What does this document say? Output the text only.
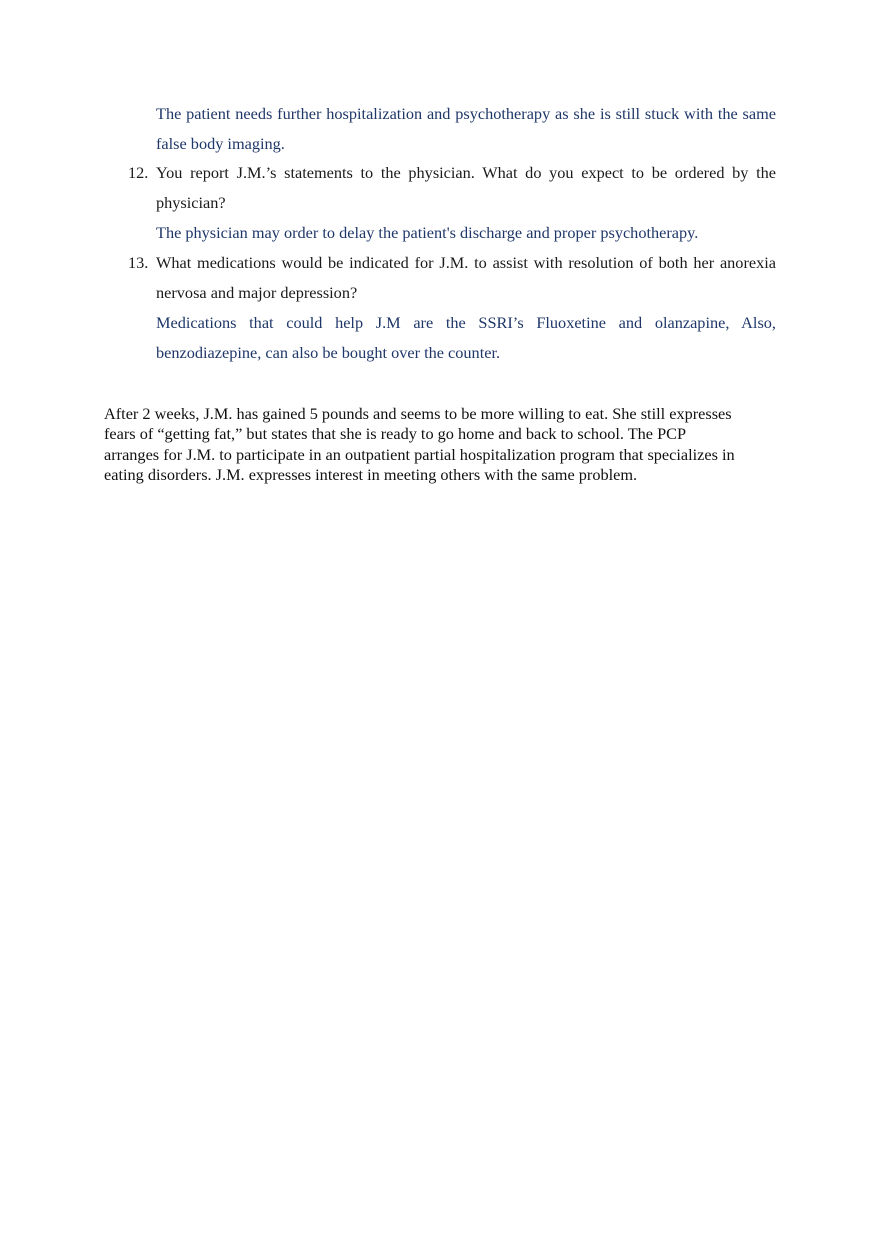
The patient needs further hospitalization and psychotherapy as she is still stuck with the same false body imaging.
12. You report J.M.’s statements to the physician. What do you expect to be ordered by the physician?
The physician may order to delay the patient's discharge and proper psychotherapy.
13. What medications would be indicated for J.M. to assist with resolution of both her anorexia nervosa and major depression?
Medications that could help J.M are the SSRI’s Fluoxetine and olanzapine, Also, benzodiazepine, can also be bought over the counter.
After 2 weeks, J.M. has gained 5 pounds and seems to be more willing to eat. She still expresses
fears of “getting fat,” but states that she is ready to go home and back to school. The PCP
arranges for J.M. to participate in an outpatient partial hospitalization program that specializes in
eating disorders. J.M. expresses interest in meeting others with the same problem.
